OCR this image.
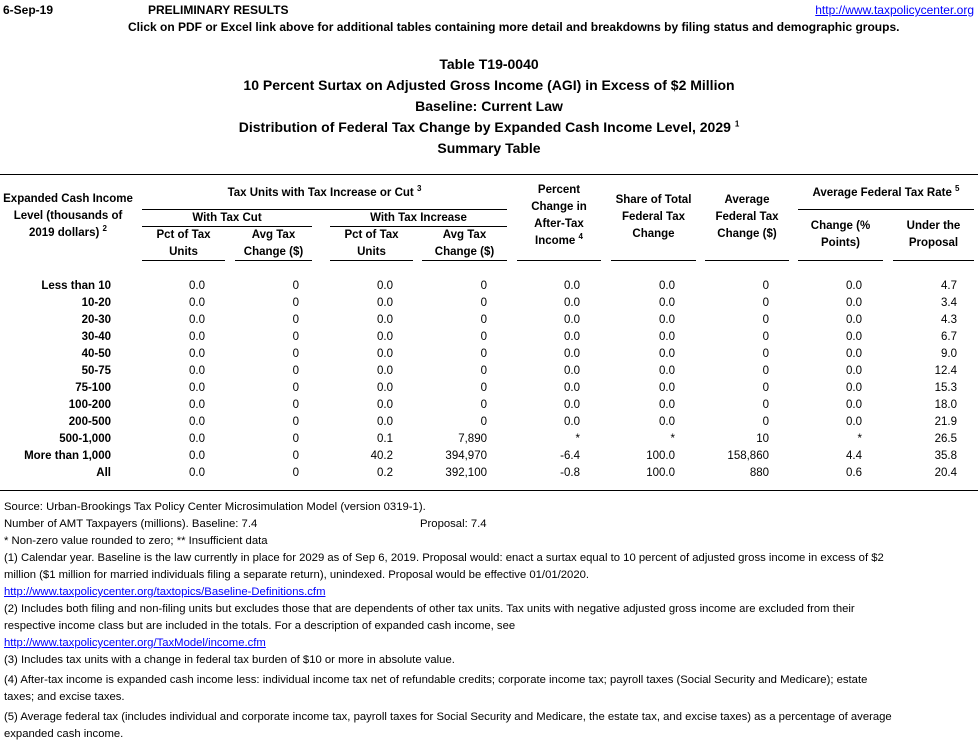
6-Sep-19	PRELIMINARY RESULTS	http://www.taxpolicycenter.org
Click on PDF or Excel link above for additional tables containing more detail and breakdowns by filing status and demographic groups.
Table T19-0040
10 Percent Surtax on Adjusted Gross Income (AGI) in Excess of $2 Million
Baseline: Current Law
Distribution of Federal Tax Change by Expanded Cash Income Level, 2029 $^1$
Summary Table
Expanded Cash Income
Level (thousands of
2019 dollars) $^2$
Tax Units with Tax Increase or Cut $^3$
With Tax Cut	With Tax Increase
Pct of Tax
Units
Avg Tax
Change ($)
Pct of Tax
Units
Avg Tax
Change ($)
Percent
Change in
After-Tax
Income $^4$
Share of Total
Federal Tax
Change
Average
Federal Tax
Change ($)
Average Federal Tax Rate $^5$
Change (%
Points)
Under the
Proposal
Less than 10	0.0	0	0.0	0	0.0	0.0	0	0.0	4.7
10-20	0.0	0	0.0	0	0.0	0.0	0	0.0	3.4
20-30	0.0	0	0.0	0	0.0	0.0	0	0.0	4.3
30-40	0.0	0	0.0	0	0.0	0.0	0	0.0	6.7
40-50	0.0	0	0.0	0	0.0	0.0	0	0.0	9.0
50-75	0.0	0	0.0	0	0.0	0.0	0	0.0	12.4
75-100	0.0	0	0.0	0	0.0	0.0	0	0.0	15.3
100-200	0.0	0	0.0	0	0.0	0.0	0	0.0	18.0
200-500	0.0	0	0.0	0	0.0	0.0	0	0.0	21.9
500-1,000	0.0	0	0.1	7,890	*	*	10	*	26.5
More than 1,000	0.0	0	40.2	394,970	-6.4	100.0	158,860	4.4	35.8
All	0.0	0	0.2	392,100	-0.8	100.0	880	0.6	20.4
Source: Urban-Brookings Tax Policy Center Microsimulation Model (version 0319-1).
Number of AMT Taxpayers (millions). Baseline: 7.4	Proposal: 7.4
* Non-zero value rounded to zero; ** Insufficient data
(1) Calendar year. Baseline is the law currently in place for 2029 as of Sep 6, 2019. Proposal would: enact a surtax equal to 10 percent of adjusted gross income in excess of $2
million ($1 million for married individuals filing a separate return), unindexed. Proposal would be effective 01/01/2020.
http://www.taxpolicycenter.org/taxtopics/Baseline-Definitions.cfm
(2) Includes both filing and non-filing units but excludes those that are dependents of other tax units. Tax units with negative adjusted gross income are excluded from their
respective income class but are included in the totals. For a description of expanded cash income, see
http://www.taxpolicycenter.org/TaxModel/income.cfm
(3) Includes tax units with a change in federal tax burden of $10 or more in absolute value.
(4) After-tax income is expanded cash income less: individual income tax net of refundable credits; corporate income tax; payroll taxes (Social Security and Medicare); estate
taxes; and excise taxes.
(5) Average federal tax (includes individual and corporate income tax, payroll taxes for Social Security and Medicare, the estate tax, and excise taxes) as a percentage of average
expanded cash income.
